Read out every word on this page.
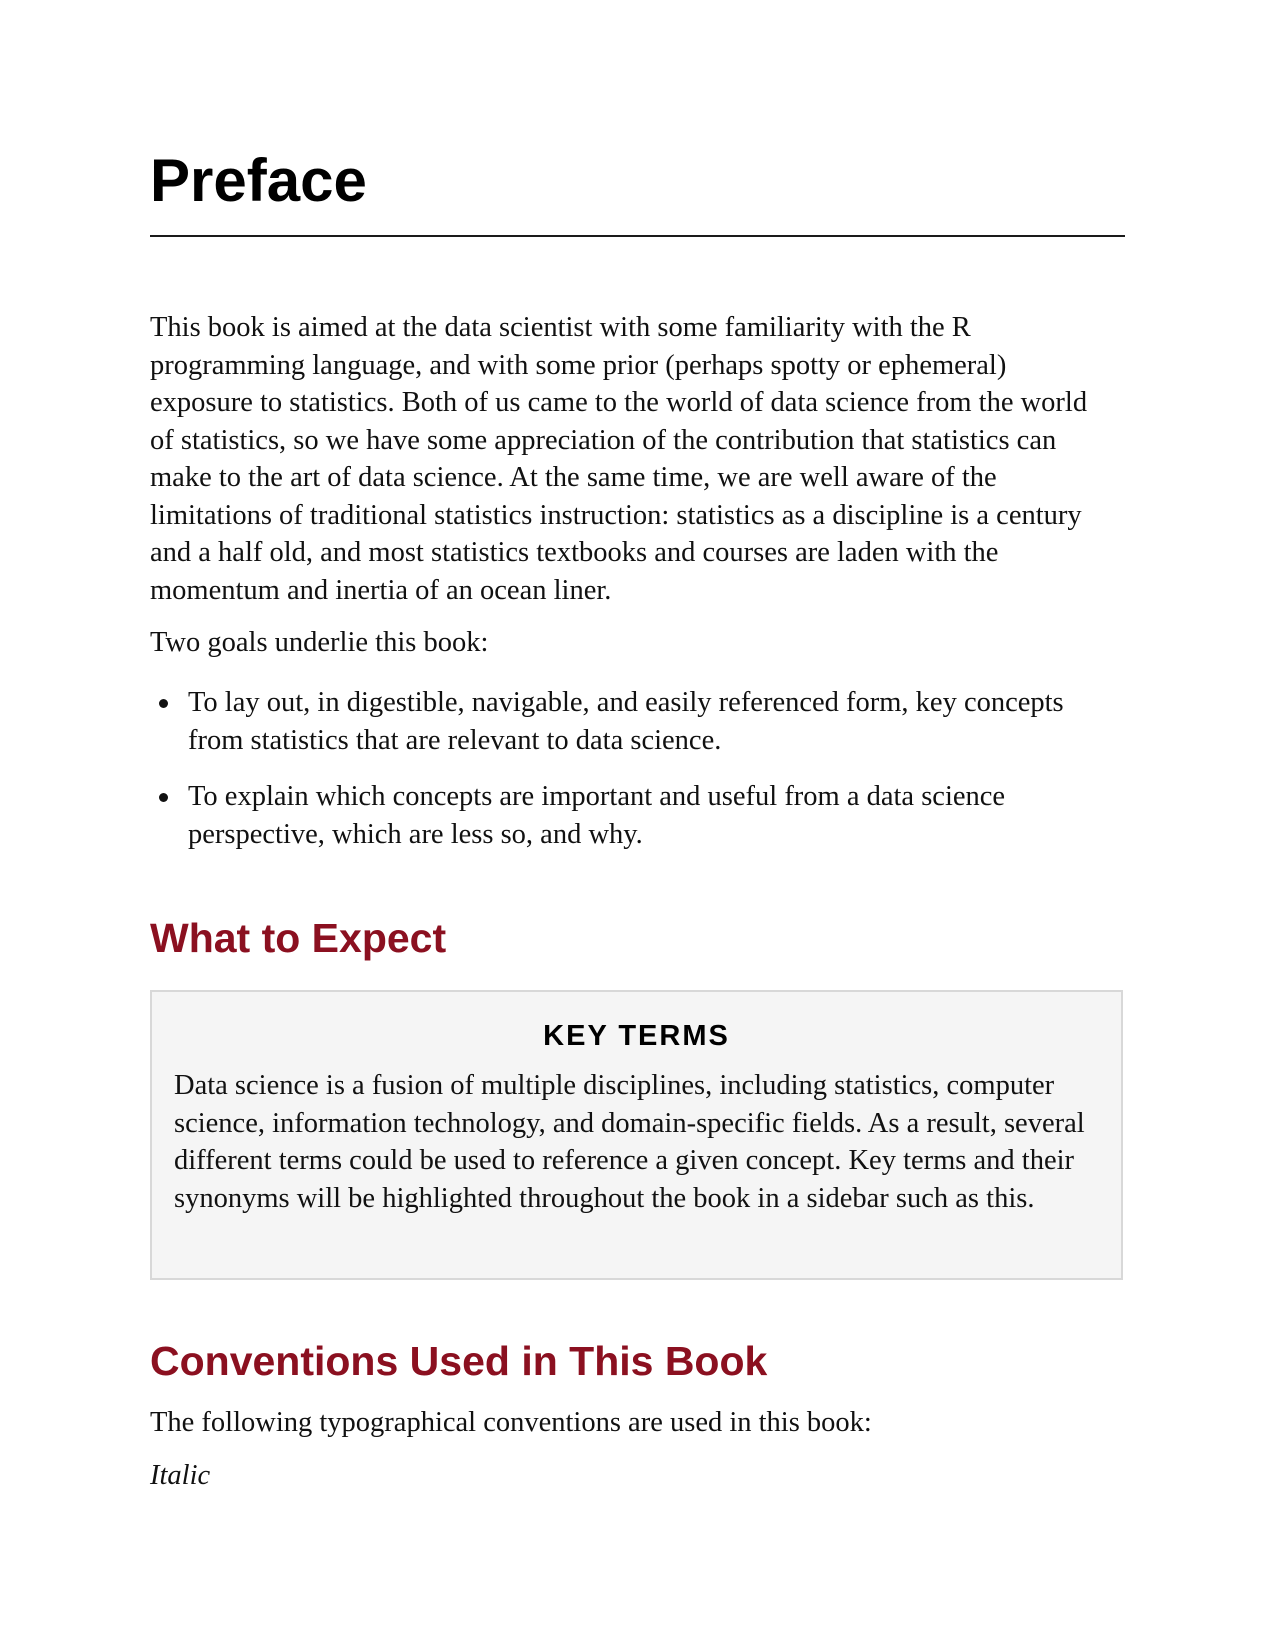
Preface

This book is aimed at the data scientist with some familiarity with the R programming language, and with some prior (perhaps spotty or ephemeral) exposure to statistics. Both of us came to the world of data science from the world of statistics, so we have some appreciation of the contribution that statistics can make to the art of data science. At the same time, we are well aware of the limitations of traditional statistics instruction: statistics as a discipline is a century and a half old, and most statistics textbooks and courses are laden with the momentum and inertia of an ocean liner.

Two goals underlie this book:

To lay out, in digestible, navigable, and easily referenced form, key concepts from statistics that are relevant to data science.
To explain which concepts are important and useful from a data science perspective, which are less so, and why.
What to Expect
KEY TERMS

Data science is a fusion of multiple disciplines, including statistics, computer science, information technology, and domain-specific fields. As a result, several different terms could be used to reference a given concept. Key terms and their synonyms will be highlighted throughout the book in a sidebar such as this.

Conventions Used in This Book

The following typographical conventions are used in this book:

Italic
